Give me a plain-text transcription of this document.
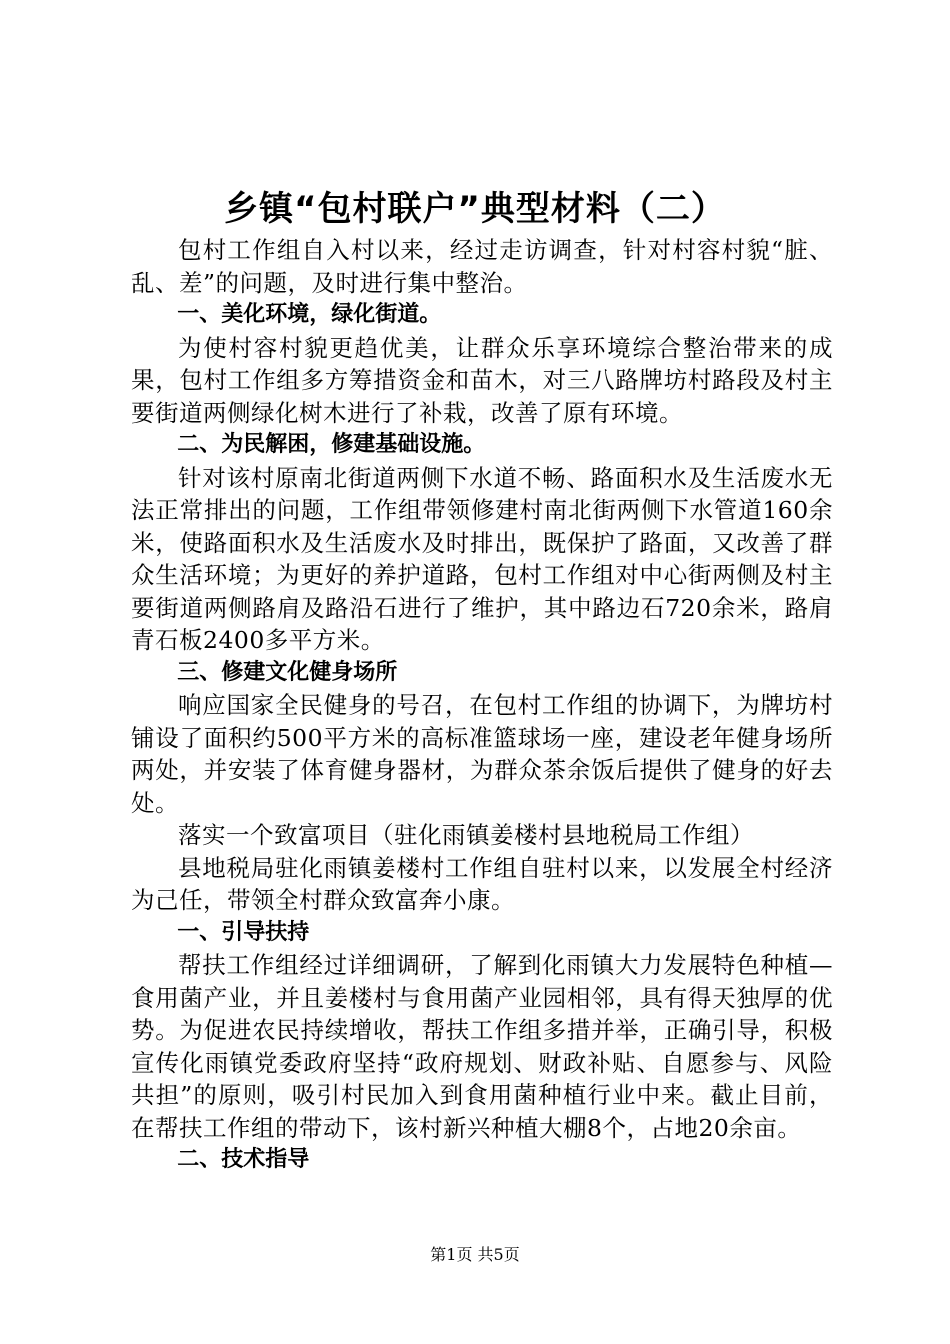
乡镇“包村联户”典型材料（二）

包村工作组自入村以来，经过走访调查，针对村容村貌“脏、乱、差”的问题，及时进行集中整治。

一、美化环境，绿化街道。

为使村容村貌更趋优美，让群众乐享环境综合整治带来的成果，包村工作组多方筹措资金和苗木，对三八路牌坊村路段及村主要街道两侧绿化树木进行了补栽，改善了原有环境。

二、为民解困，修建基础设施。

针对该村原南北街道两侧下水道不畅、路面积水及生活废水无法正常排出的问题，工作组带领修建村南北街两侧下水管道160余米，使路面积水及生活废水及时排出，既保护了路面，又改善了群众生活环境；为更好的养护道路，包村工作组对中心街两侧及村主要街道两侧路肩及路沿石进行了维护，其中路边石720余米，路肩青石板2400多平方米。

三、修建文化健身场所

响应国家全民健身的号召，在包村工作组的协调下，为牌坊村铺设了面积约500平方米的高标准篮球场一座，建设老年健身场所两处，并安装了体育健身器材，为群众茶余饭后提供了健身的好去处。

落实一个致富项目（驻化雨镇姜楼村县地税局工作组）

县地税局驻化雨镇姜楼村工作组自驻村以来，以发展全村经济为己任，带领全村群众致富奔小康。

一、引导扶持

帮扶工作组经过详细调研，了解到化雨镇大力发展特色种植—食用菌产业，并且姜楼村与食用菌产业园相邻，具有得天独厚的优势。为促进农民持续增收，帮扶工作组多措并举，正确引导，积极宣传化雨镇党委政府坚持“政府规划、财政补贴、自愿参与、风险共担”的原则，吸引村民加入到食用菌种植行业中来。截止目前，在帮扶工作组的带动下，该村新兴种植大棚8个，占地20余亩。

二、技术指导

第1页 共5页
